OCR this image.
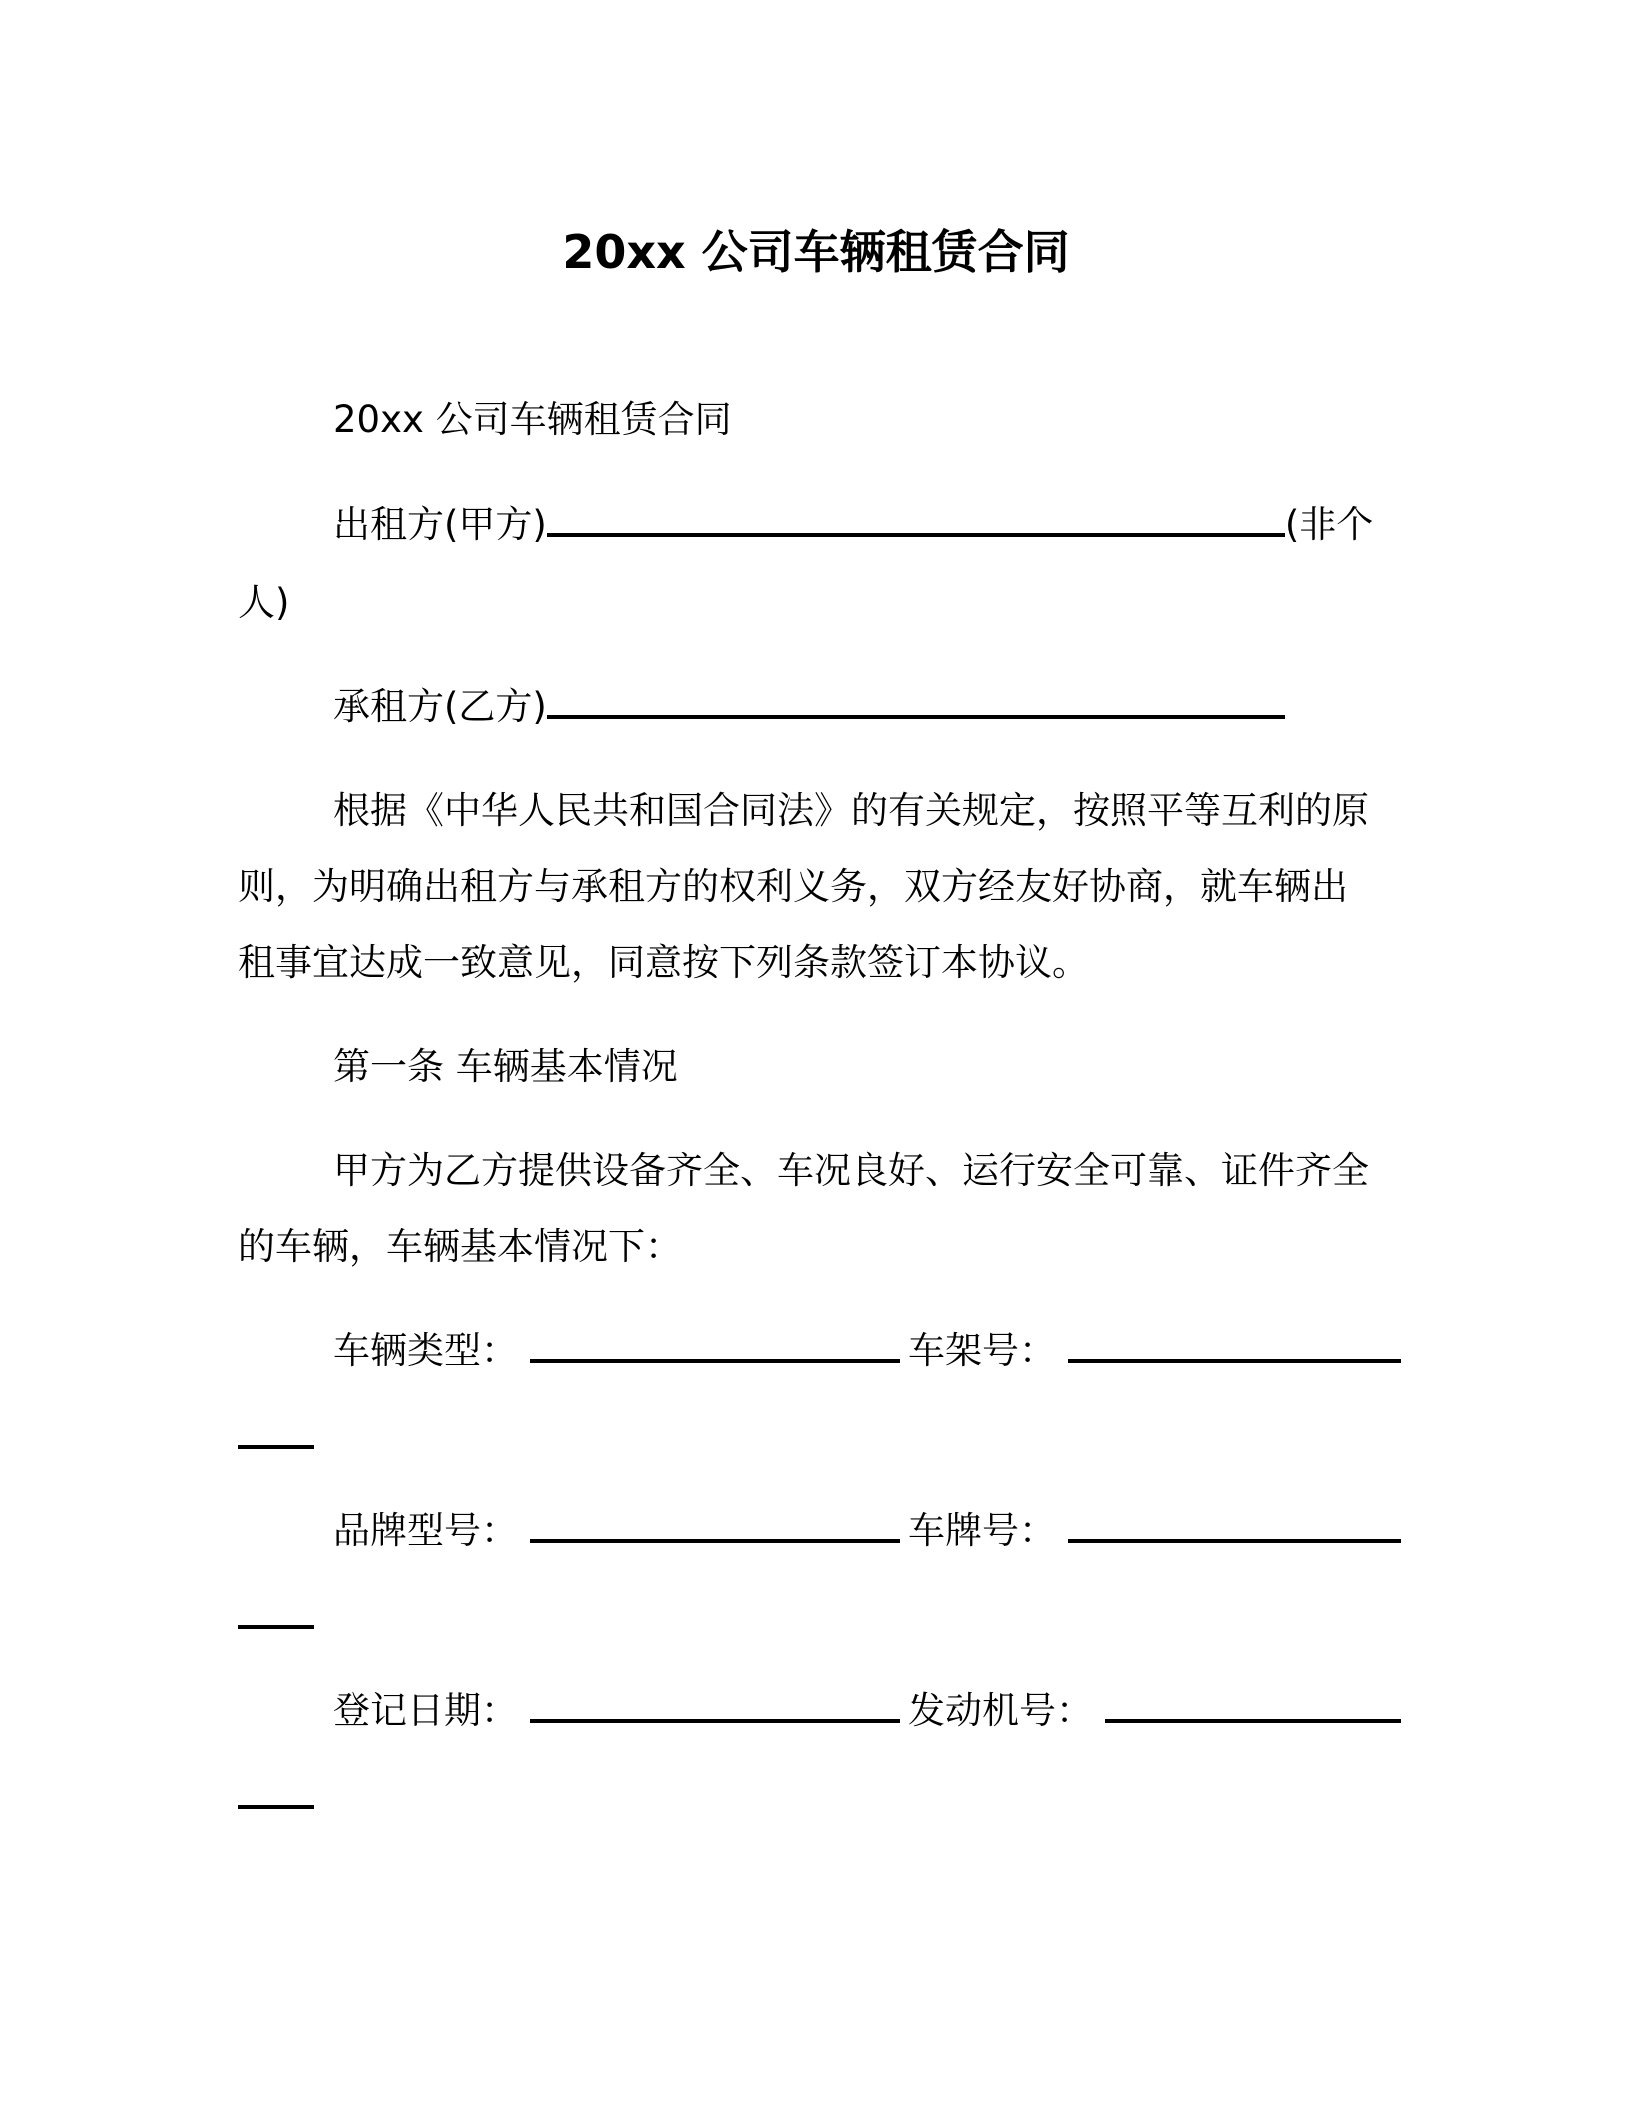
20xx 公司车辆租赁合同
20xx 公司车辆租赁合同
出租方(甲方)	(非个
人)
承租方(乙方)
根据《中华人民共和国合同法》的有关规定，按照平等互利的原
则，为明确出租方与承租方的权利义务，双方经友好协商，就车辆出
租事宜达成一致意见，同意按下列条款签订本协议。
第一条 车辆基本情况
甲方为乙方提供设备齐全、车况良好、运行安全可靠、证件齐全
的车辆，车辆基本情况下：
车辆类型：	车架号：
品牌型号：	车牌号：
登记日期：	发动机号：
